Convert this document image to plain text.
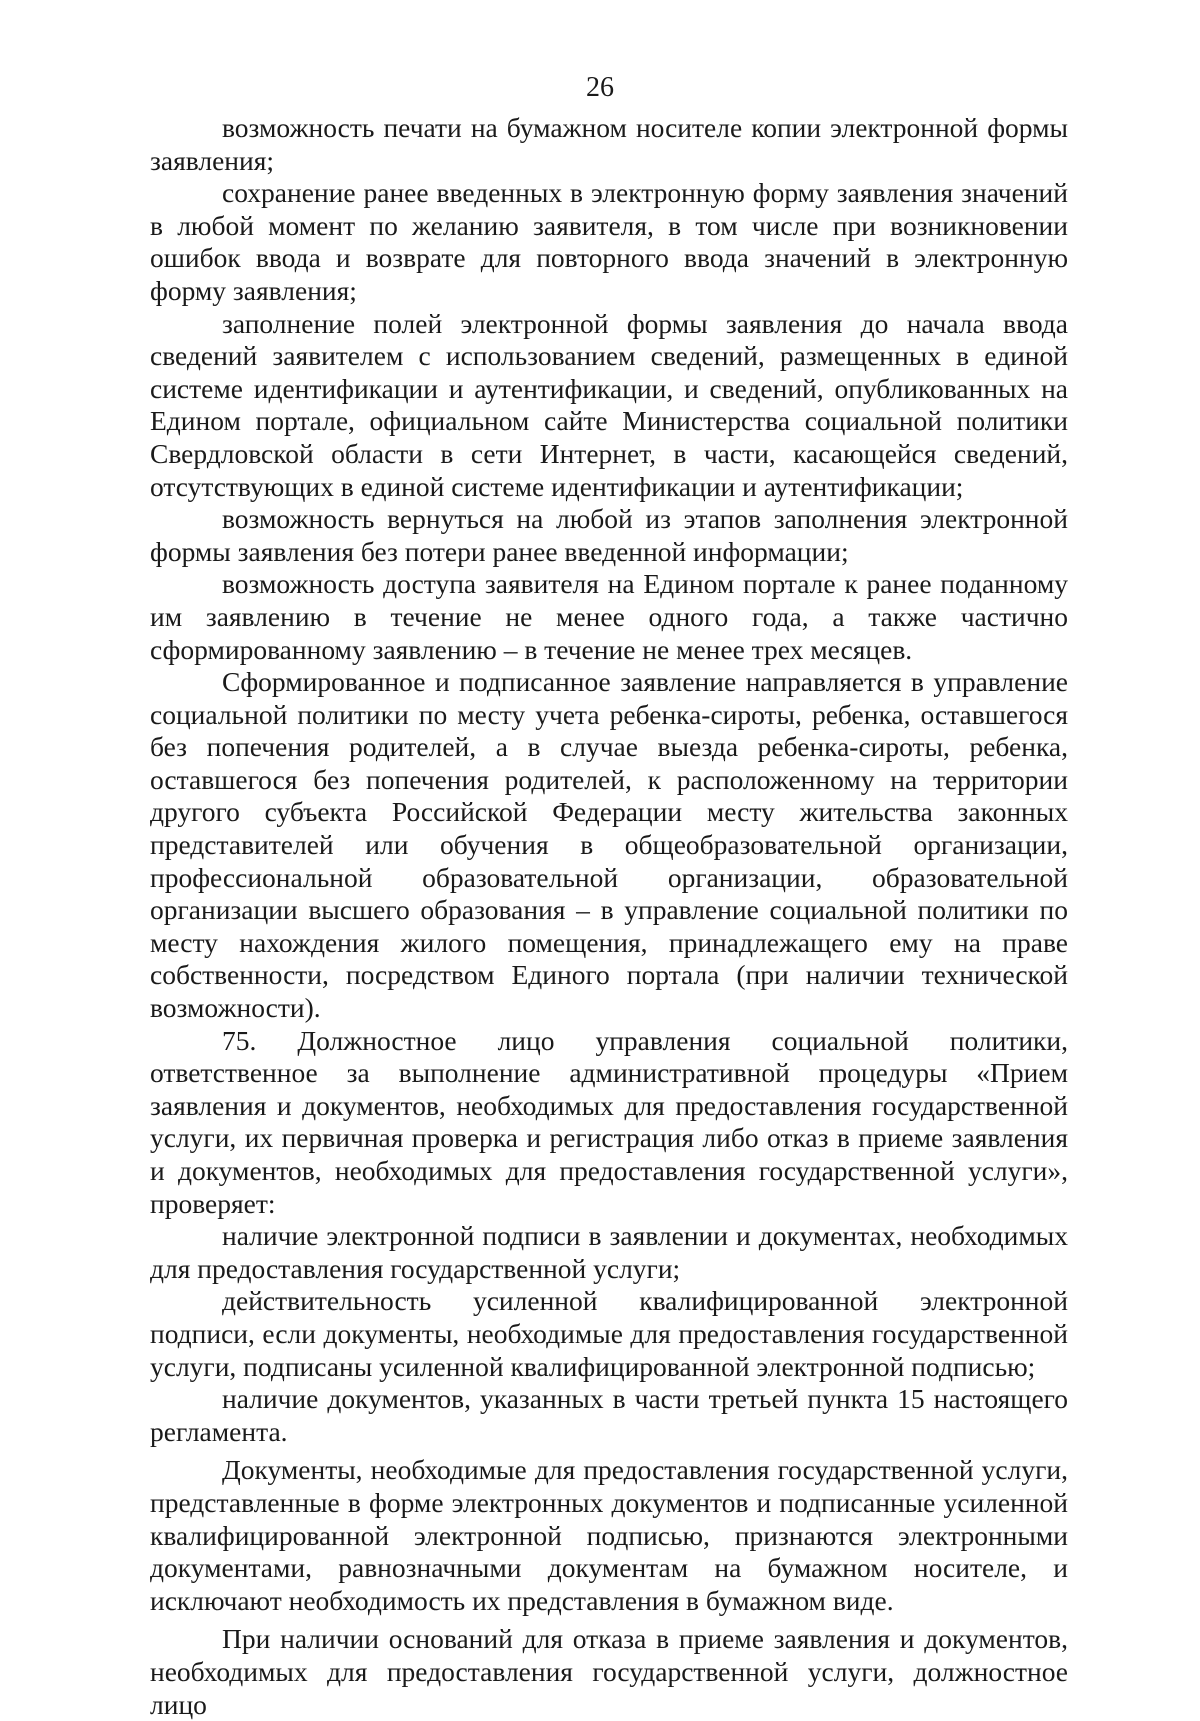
26

возможность печати на бумажном носителе копии электронной формы заявления;

сохранение ранее введенных в электронную форму заявления значений в любой момент по желанию заявителя, в том числе при возникновении ошибок ввода и возврате для повторного ввода значений в электронную форму заявления;

заполнение полей электронной формы заявления до начала ввода сведений заявителем с использованием сведений, размещенных в единой системе идентификации и аутентификации, и сведений, опубликованных на Едином портале, официальном сайте Министерства социальной политики Свердловской области в сети Интернет, в части, касающейся сведений, отсутствующих в единой системе идентификации и аутентификации;

возможность вернуться на любой из этапов заполнения электронной формы заявления без потери ранее введенной информации;

возможность доступа заявителя на Едином портале к ранее поданному им заявлению в течение не менее одного года, а также частично сформированному заявлению – в течение не менее трех месяцев.

Сформированное и подписанное заявление направляется в управление социальной политики по месту учета ребенка-сироты, ребенка, оставшегося без попечения родителей, а в случае выезда ребенка-сироты, ребенка, оставшегося без попечения родителей, к расположенному на территории другого субъекта Российской Федерации месту жительства законных представителей или обучения в общеобразовательной организации, профессиональной образовательной организации, образовательной организации высшего образования – в управление социальной политики по месту нахождения жилого помещения, принадлежащего ему на праве собственности, посредством Единого портала (при наличии технической возможности).

75. Должностное лицо управления социальной политики, ответственное за выполнение административной процедуры «Прием заявления и документов, необходимых для предоставления государственной услуги, их первичная проверка и регистрация либо отказ в приеме заявления и документов, необходимых для предоставления государственной услуги», проверяет:

наличие электронной подписи в заявлении и документах, необходимых для предоставления государственной услуги;

действительность усиленной квалифицированной электронной подписи, если документы, необходимые для предоставления государственной услуги, подписаны усиленной квалифицированной электронной подписью;

наличие документов, указанных в части третьей пункта 15 настоящего регламента.

Документы, необходимые для предоставления государственной услуги, представленные в форме электронных документов и подписанные усиленной квалифицированной электронной подписью, признаются электронными документами, равнозначными документам на бумажном носителе, и исключают необходимость их представления в бумажном виде.

При наличии оснований для отказа в приеме заявления и документов, необходимых для предоставления государственной услуги, должностное лицо
